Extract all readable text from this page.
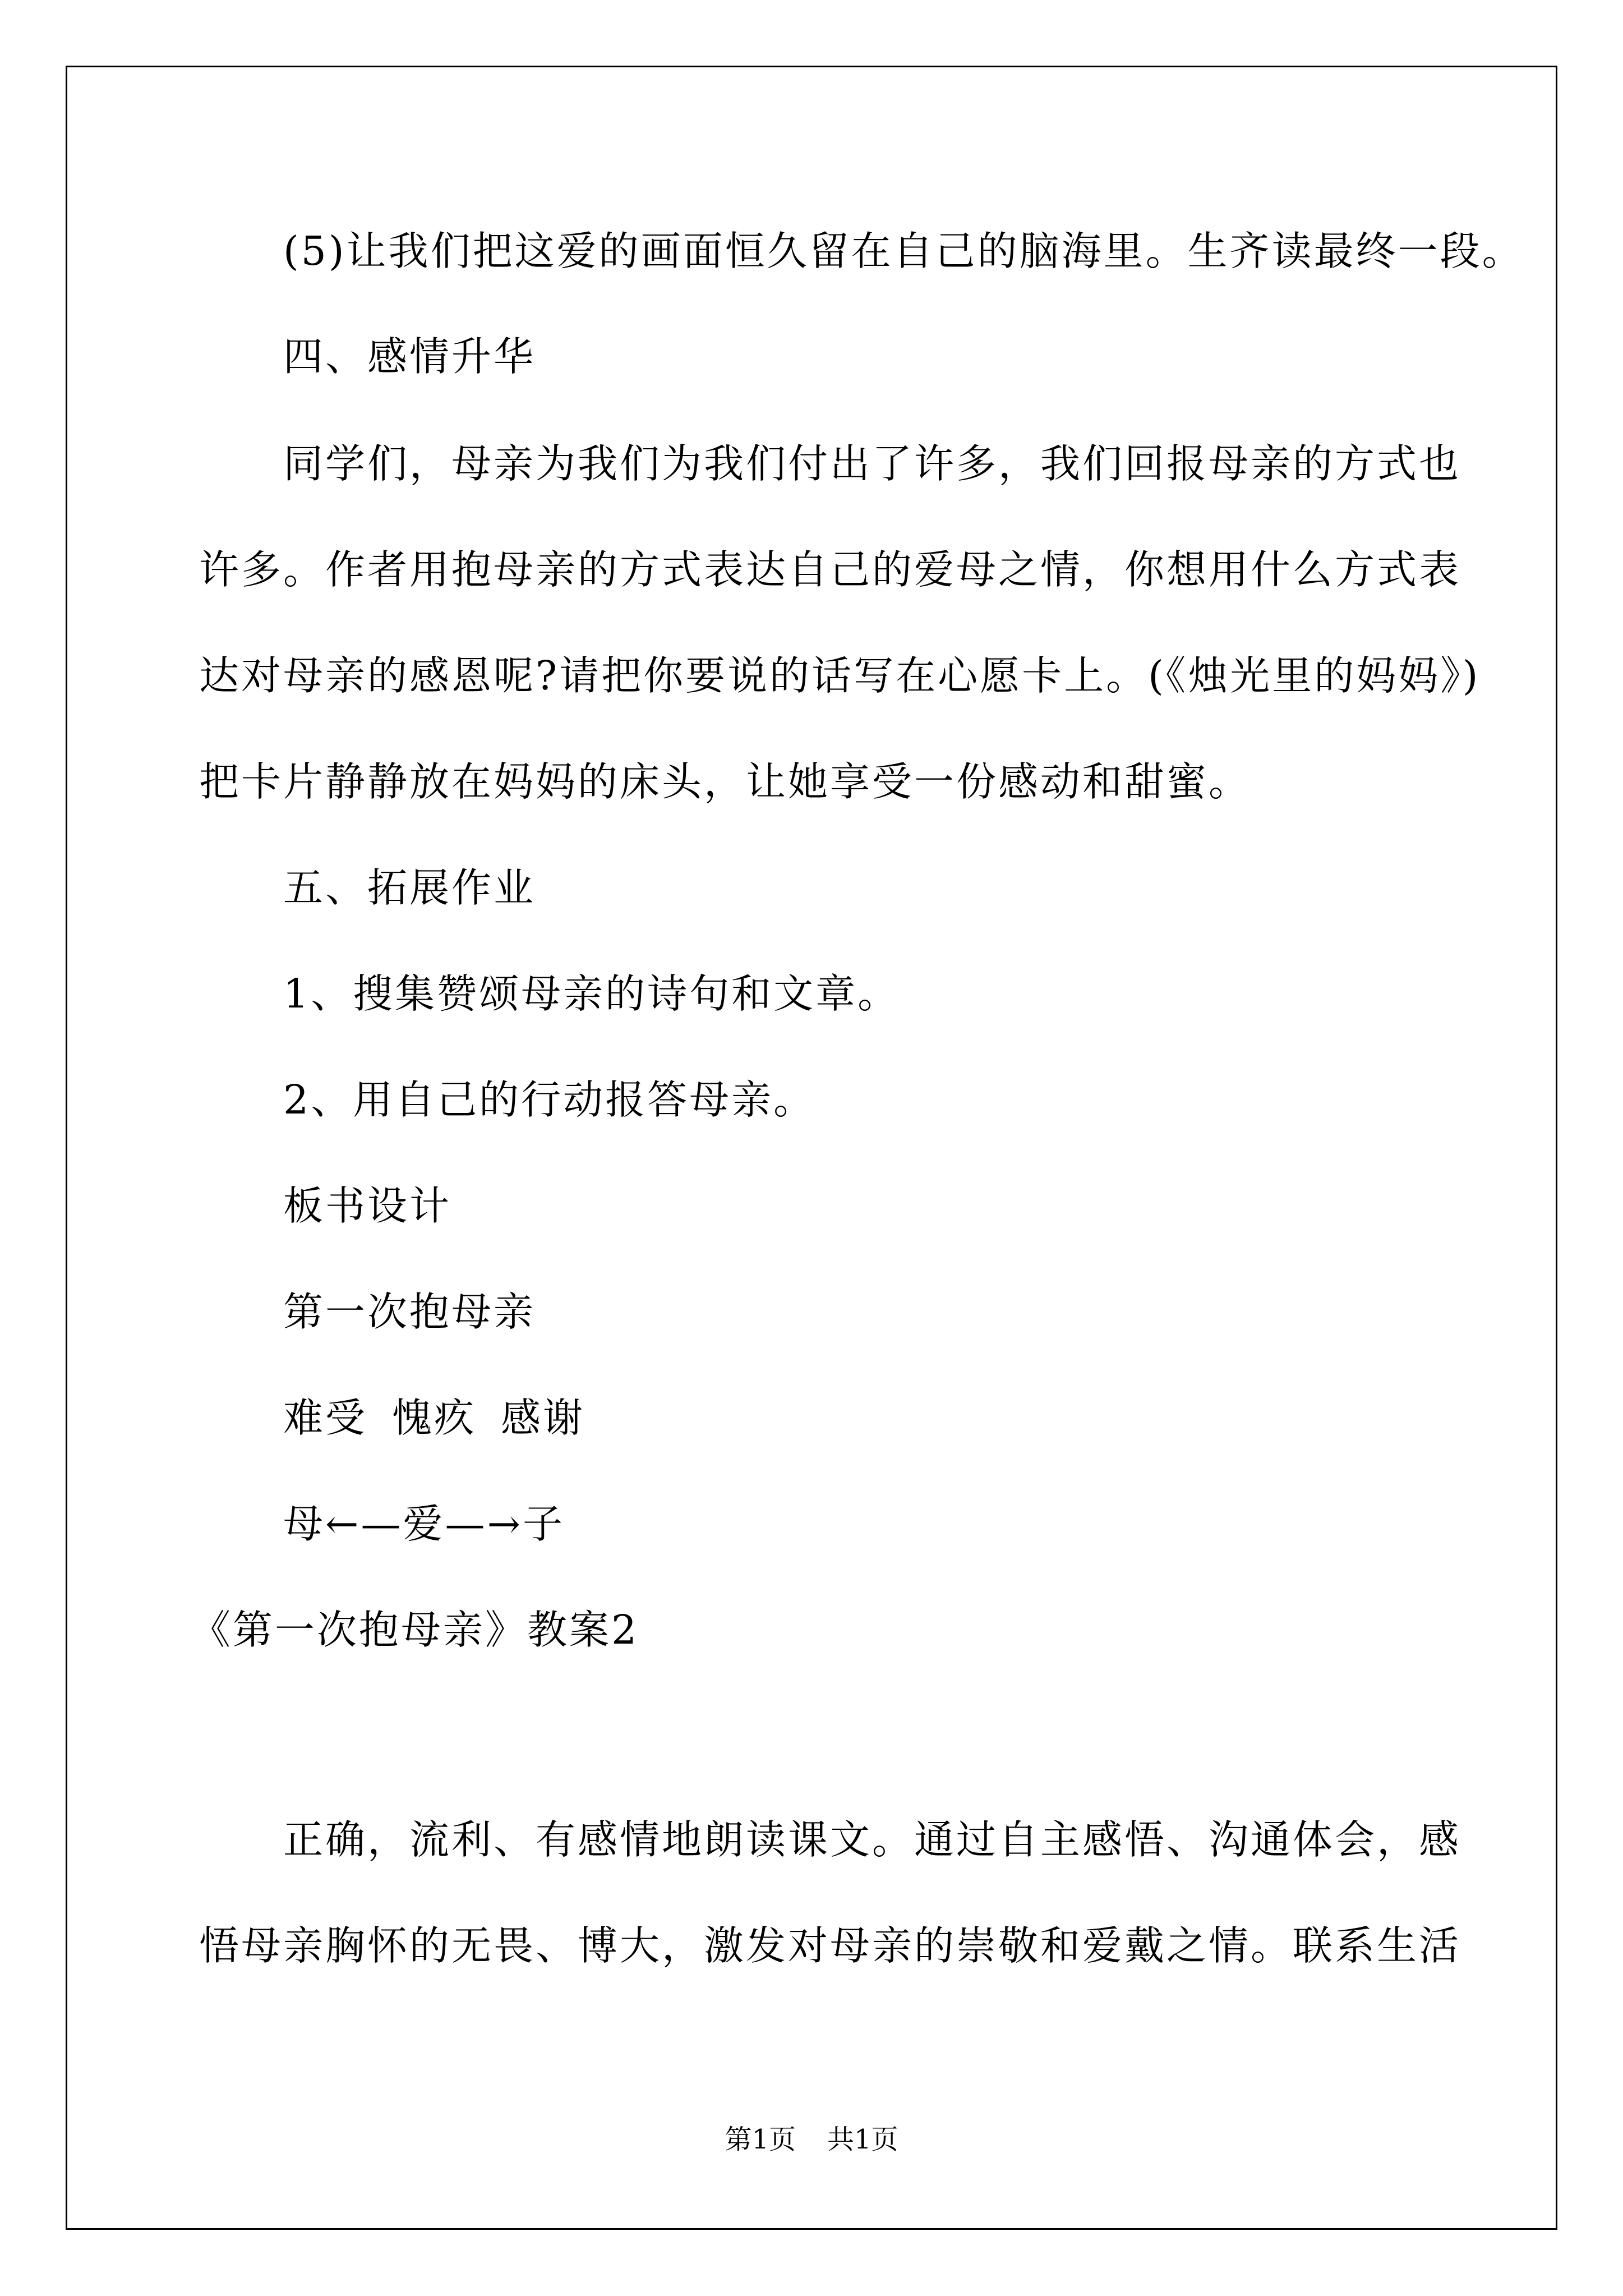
(5)让我们把这爱的画面恒久留在自己的脑海里。生齐读最终一段。
四、感情升华
同学们，母亲为我们为我们付出了许多，我们回报母亲的方式也
许多。作者用抱母亲的方式表达自己的爱母之情，你想用什么方式表
达对母亲的感恩呢?请把你要说的话写在心愿卡上。(《烛光里的妈妈》)
把卡片静静放在妈妈的床头，让她享受一份感动和甜蜜。
五、拓展作业
1、搜集赞颂母亲的诗句和文章。
2、用自己的行动报答母亲。
板书设计
第一次抱母亲
难受 愧疚 感谢
母←—爱—→子
《第一次抱母亲》教案2
正确，流利、有感情地朗读课文。通过自主感悟、沟通体会，感
悟母亲胸怀的无畏、博大，激发对母亲的崇敬和爱戴之情。联系生活
第1页 共1页
